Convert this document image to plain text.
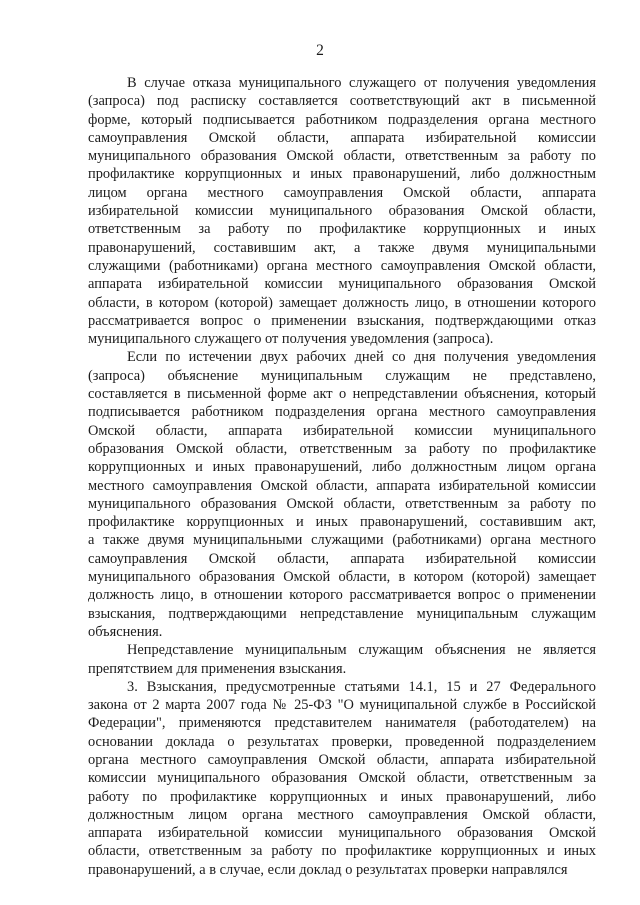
2
В случае отказа муниципального служащего от получения уведомления
(запроса) под расписку составляется соответствующий акт в письменной
форме, который подписывается работником подразделения органа местного
самоуправления Омской области, аппарата избирательной комиссии
муниципального образования Омской области, ответственным за работу по
профилактике коррупционных и иных правонарушений, либо должностным
лицом органа местного самоуправления Омской области, аппарата
избирательной комиссии муниципального образования Омской области,
ответственным за работу по профилактике коррупционных и иных
правонарушений, составившим акт, а также двумя муниципальными
служащими (работниками) органа местного самоуправления Омской области,
аппарата избирательной комиссии муниципального образования Омской
области, в котором (которой) замещает должность лицо, в отношении которого
рассматривается вопрос о применении взыскания, подтверждающими отказ
муниципального служащего от получения уведомления (запроса).
Если по истечении двух рабочих дней со дня получения уведомления
(запроса) объяснение муниципальным служащим не представлено,
составляется в письменной форме акт о непредставлении объяснения, который
подписывается работником подразделения органа местного самоуправления
Омской области, аппарата избирательной комиссии муниципального
образования Омской области, ответственным за работу по профилактике
коррупционных и иных правонарушений, либо должностным лицом органа
местного самоуправления Омской области, аппарата избирательной комиссии
муниципального образования Омской области, ответственным за работу по
профилактике коррупционных и иных правонарушений, составившим акт,
а также двумя муниципальными служащими (работниками) органа местного
самоуправления Омской области, аппарата избирательной комиссии
муниципального образования Омской области, в котором (которой) замещает
должность лицо, в отношении которого рассматривается вопрос о применении
взыскания, подтверждающими непредставление муниципальным служащим
объяснения.
Непредставление муниципальным служащим объяснения не является
препятствием для применения взыскания.
3. Взыскания, предусмотренные статьями 14.1, 15 и 27 Федерального
закона от 2 марта 2007 года № 25-ФЗ "О муниципальной службе в Российской
Федерации", применяются представителем нанимателя (работодателем) на
основании доклада о результатах проверки, проведенной подразделением
органа местного самоуправления Омской области, аппарата избирательной
комиссии муниципального образования Омской области, ответственным за
работу по профилактике коррупционных и иных правонарушений, либо
должностным лицом органа местного самоуправления Омской области,
аппарата избирательной комиссии муниципального образования Омской
области, ответственным за работу по профилактике коррупционных и иных
правонарушений, а в случае, если доклад о результатах проверки направлялся
